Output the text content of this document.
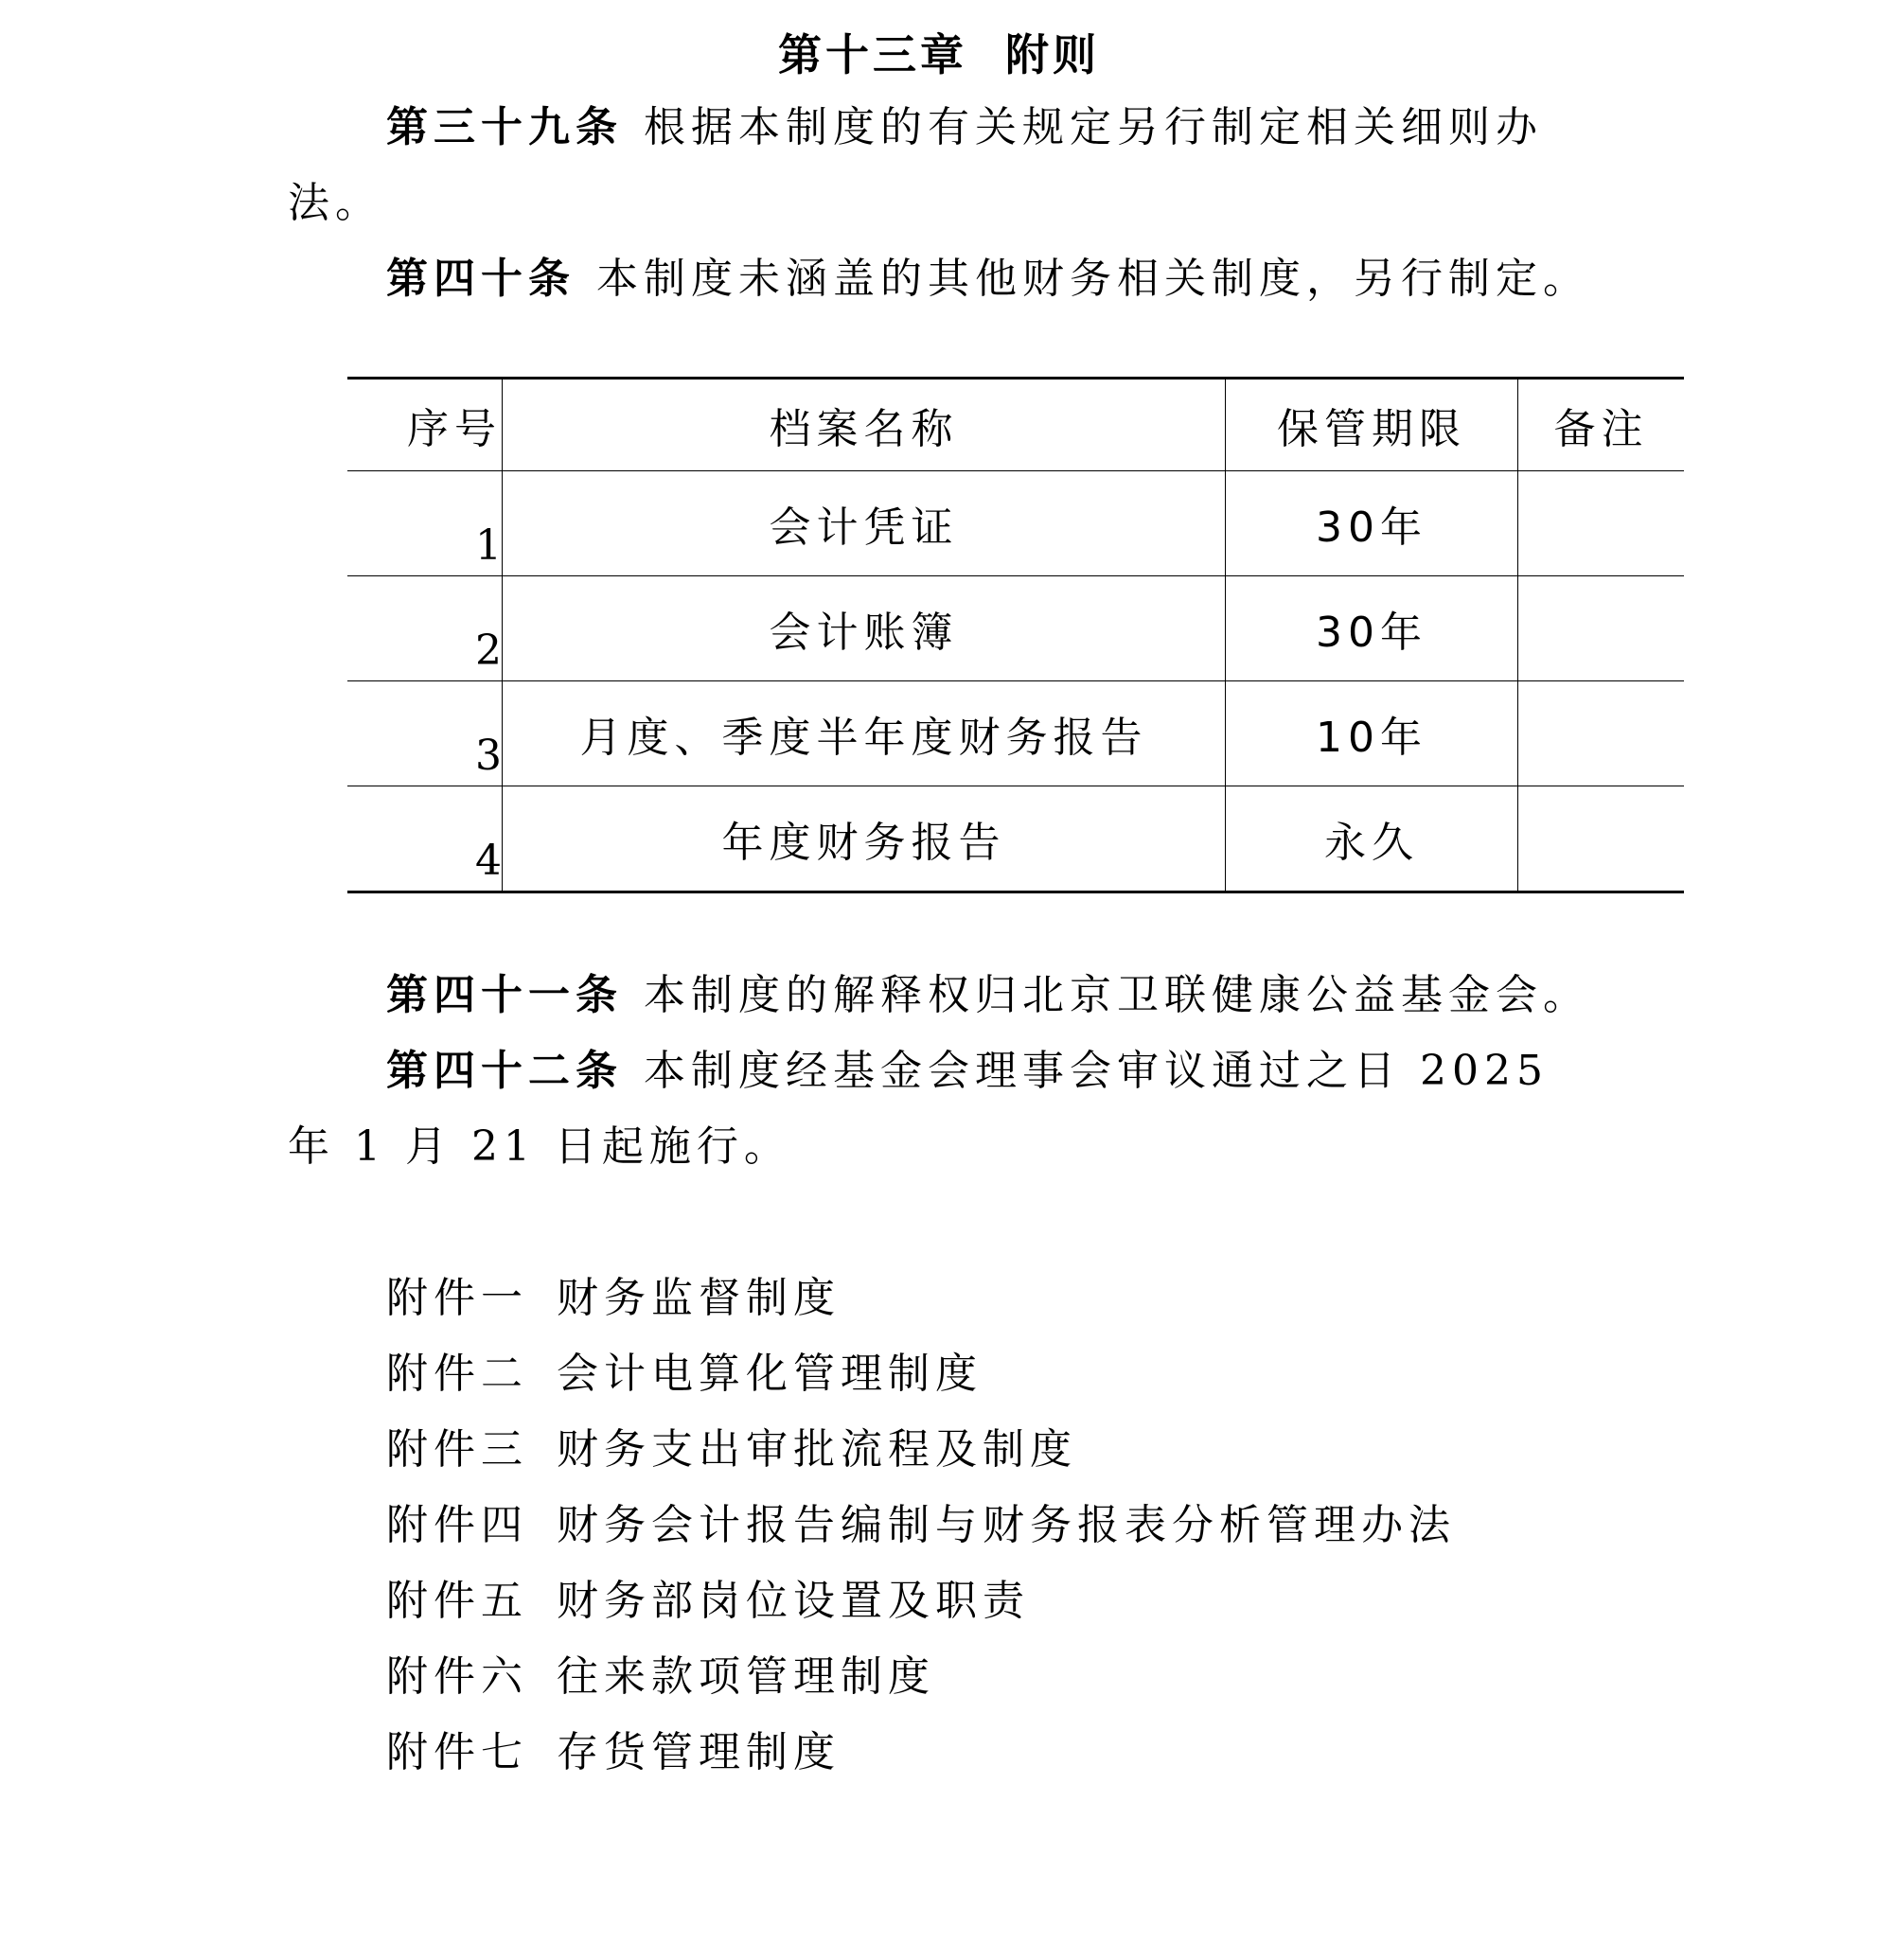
第十三章 附则
第三十九条 根据本制度的有关规定另行制定相关细则办
法。
第四十条 本制度未涵盖的其他财务相关制度，另行制定。
序号	档案名称	保管期限	备注
1	会计凭证	30年	
2	会计账簿	30年	
3	月度、季度半年度财务报告	10年	
4	年度财务报告	永久	
第四十一条 本制度的解释权归北京卫联健康公益基金会。
第四十二条 本制度经基金会理事会审议通过之日 2025
年 1 月 21 日起施行。
附件一 财务监督制度
附件二 会计电算化管理制度
附件三 财务支出审批流程及制度
附件四 财务会计报告编制与财务报表分析管理办法
附件五 财务部岗位设置及职责
附件六 往来款项管理制度
附件七 存货管理制度
